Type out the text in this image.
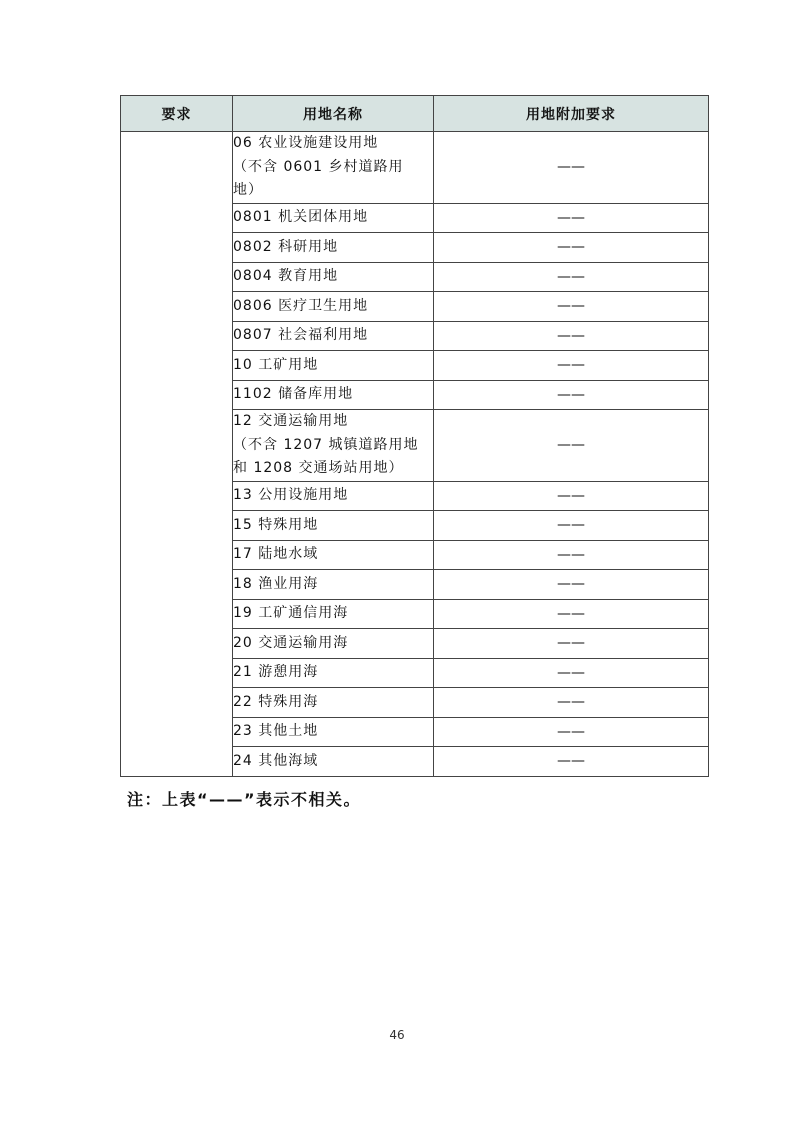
要求	用地名称	用地附加要求
	06 农业设施建设用地
（不含 0601 乡村道路用
地）	——
	0801 机关团体用地	——
	0802 科研用地	——
	0804 教育用地	——
	0806 医疗卫生用地	——
	0807 社会福利用地	——
	10 工矿用地	——
	1102 储备库用地	——
	12 交通运输用地
（不含 1207 城镇道路用地
和 1208 交通场站用地）	——
	13 公用设施用地	——
	15 特殊用地	——
	17 陆地水域	——
	18 渔业用海	——
	19 工矿通信用海	——
	20 交通运输用海	——
	21 游憩用海	——
	22 特殊用海	——
	23 其他土地	——
	24 其他海域	——
注：上表“——”表示不相关。
46
